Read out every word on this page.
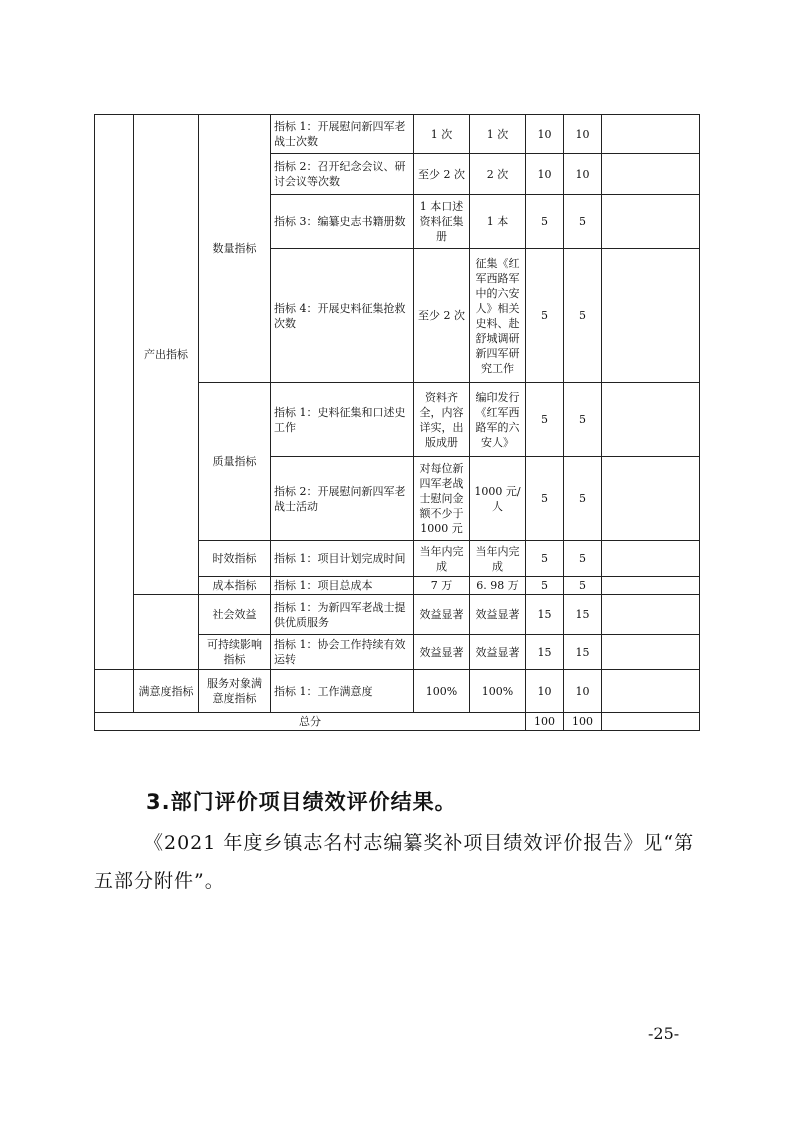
	产出指标	数量指标	指标 1：开展慰问新四军老战士次数	1 次	1 次	10	10	
			指标 2：召开纪念会议、研讨会议等次数	至少 2 次	2 次	10	10	
			指标 3：编纂史志书籍册数	1 本口述资料征集册	1 本	5	5	
			指标 4：开展史料征集抢救次数	至少 2 次	征集《红军西路军中的六安人》相关史料、赴舒城调研新四军研究工作	5	5	
		质量指标	指标 1：史料征集和口述史工作	资料齐全，内容详实，出版成册	编印发行《红军西路军的六安人》	5	5	
			指标 2：开展慰问新四军老战士活动	对每位新四军老战士慰问金额不少于1000 元	1000 元/人	5	5	
		时效指标	指标 1：项目计划完成时间	当年内完成	当年内完成	5	5	
		成本指标	指标 1：项目总成本	7 万	6. 98 万	5	5	
		社会效益	指标 1：为新四军老战士提供优质服务	效益显著	效益显著	15	15	
		可持续影响指标	指标 1：协会工作持续有效运转	效益显著	效益显著	15	15	
	满意度指标	服务对象满意度指标	指标 1：工作满意度	100%	100%	10	10	
总分						100	100	
3.部门评价项目绩效评价结果。
《2021 年度乡镇志名村志编纂奖补项目绩效评价报告》见“第五部分附件”。
-25-
